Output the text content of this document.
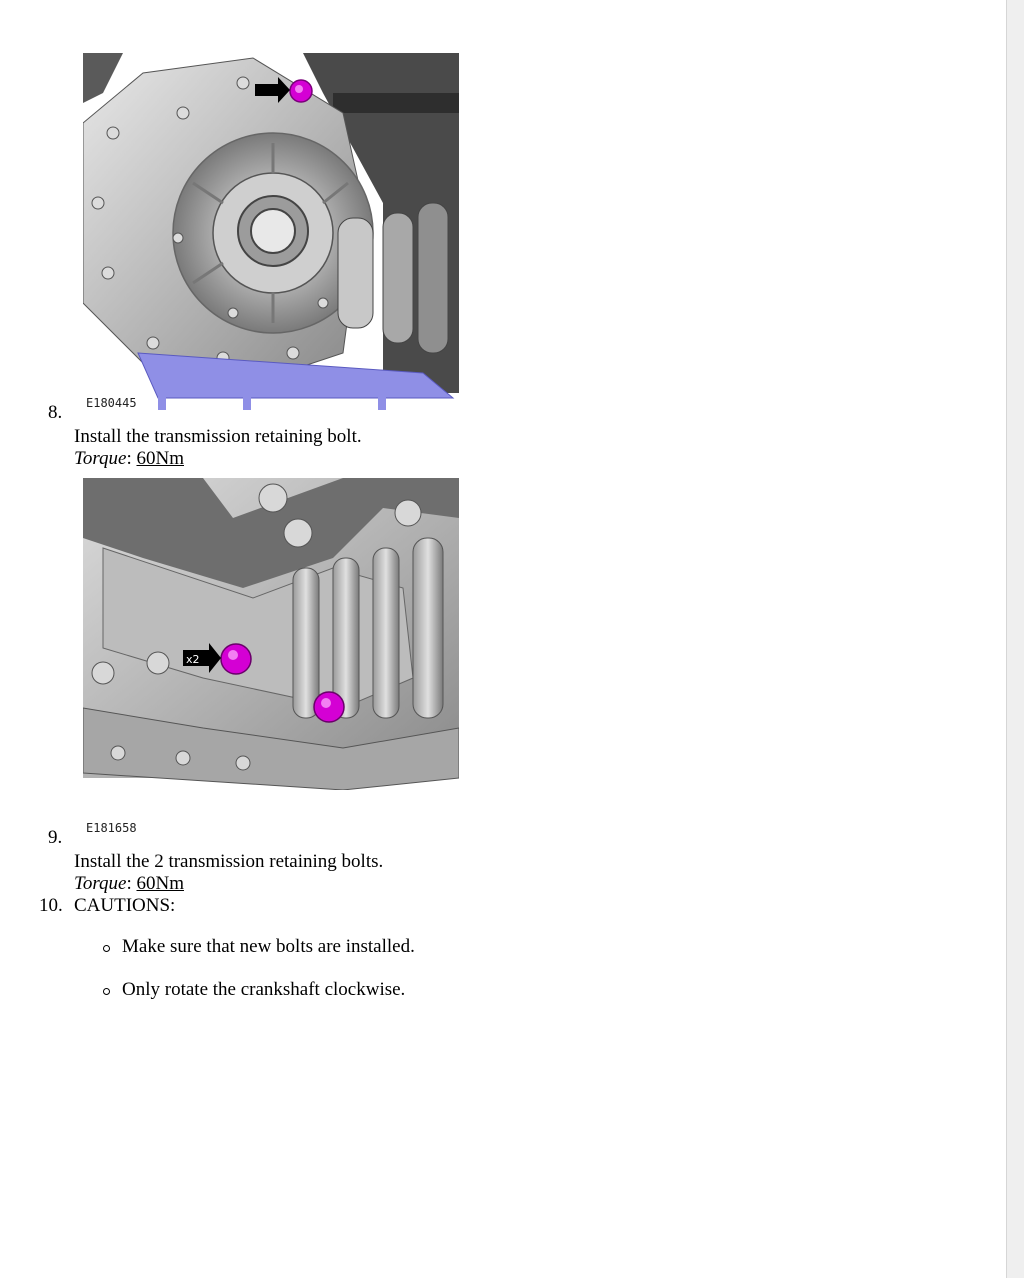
E180445
8.
Install the transmission retaining bolt.
Torque: 60Nm
x2
E181658
9.
Install the 2 transmission retaining bolts.
Torque: 60Nm
10. CAUTIONS:
Make sure that new bolts are installed.
Only rotate the crankshaft clockwise.
